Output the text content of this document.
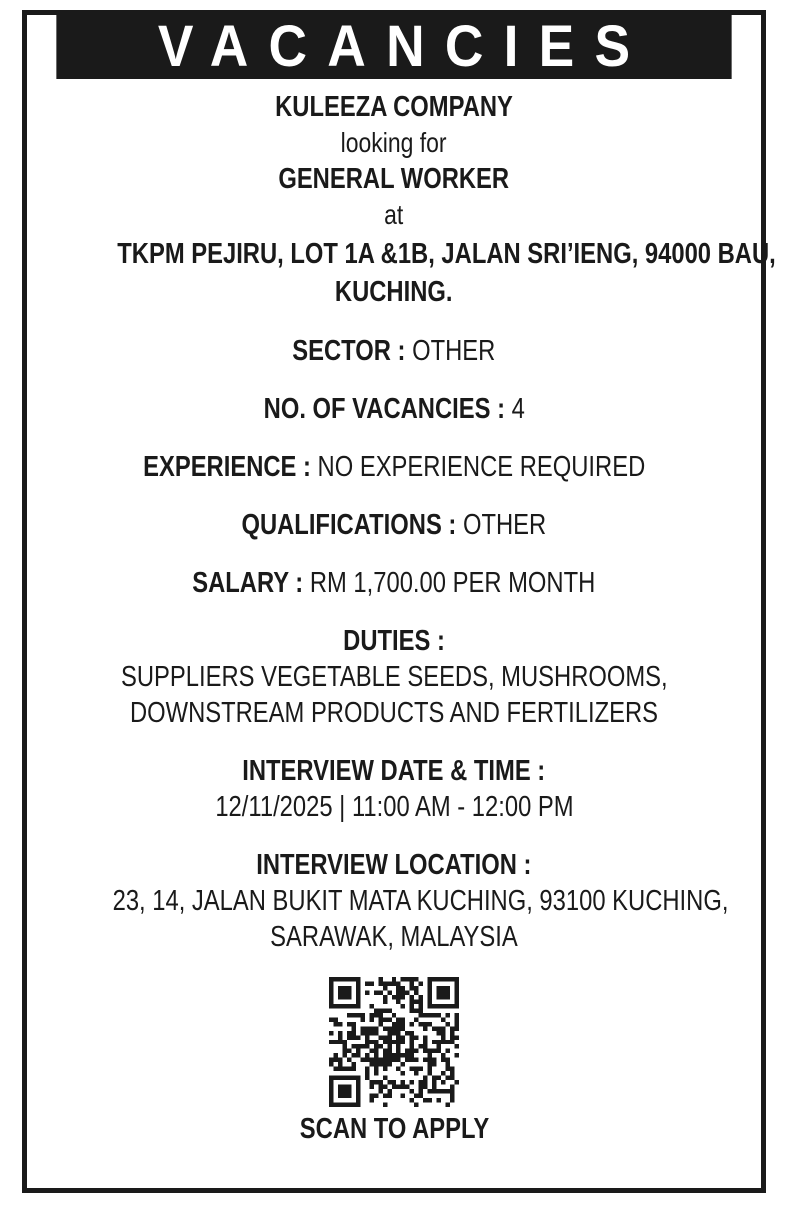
VACANCIES
KULEEZA COMPANY
looking for
GENERAL WORKER
at
TKPM PEJIRU, LOT 1A &1B, JALAN SRI’IENG, 94000 BAU,
KUCHING.
SECTOR : OTHER
NO. OF VACANCIES : 4
EXPERIENCE : NO EXPERIENCE REQUIRED
QUALIFICATIONS : OTHER
SALARY : RM 1,700.00 PER MONTH
DUTIES :
SUPPLIERS VEGETABLE SEEDS, MUSHROOMS,
DOWNSTREAM PRODUCTS AND FERTILIZERS
INTERVIEW DATE & TIME :
12/11/2025 | 11:00 AM - 12:00 PM
INTERVIEW LOCATION :
23, 14, JALAN BUKIT MATA KUCHING, 93100 KUCHING,
SARAWAK, MALAYSIA
SCAN TO APPLY
